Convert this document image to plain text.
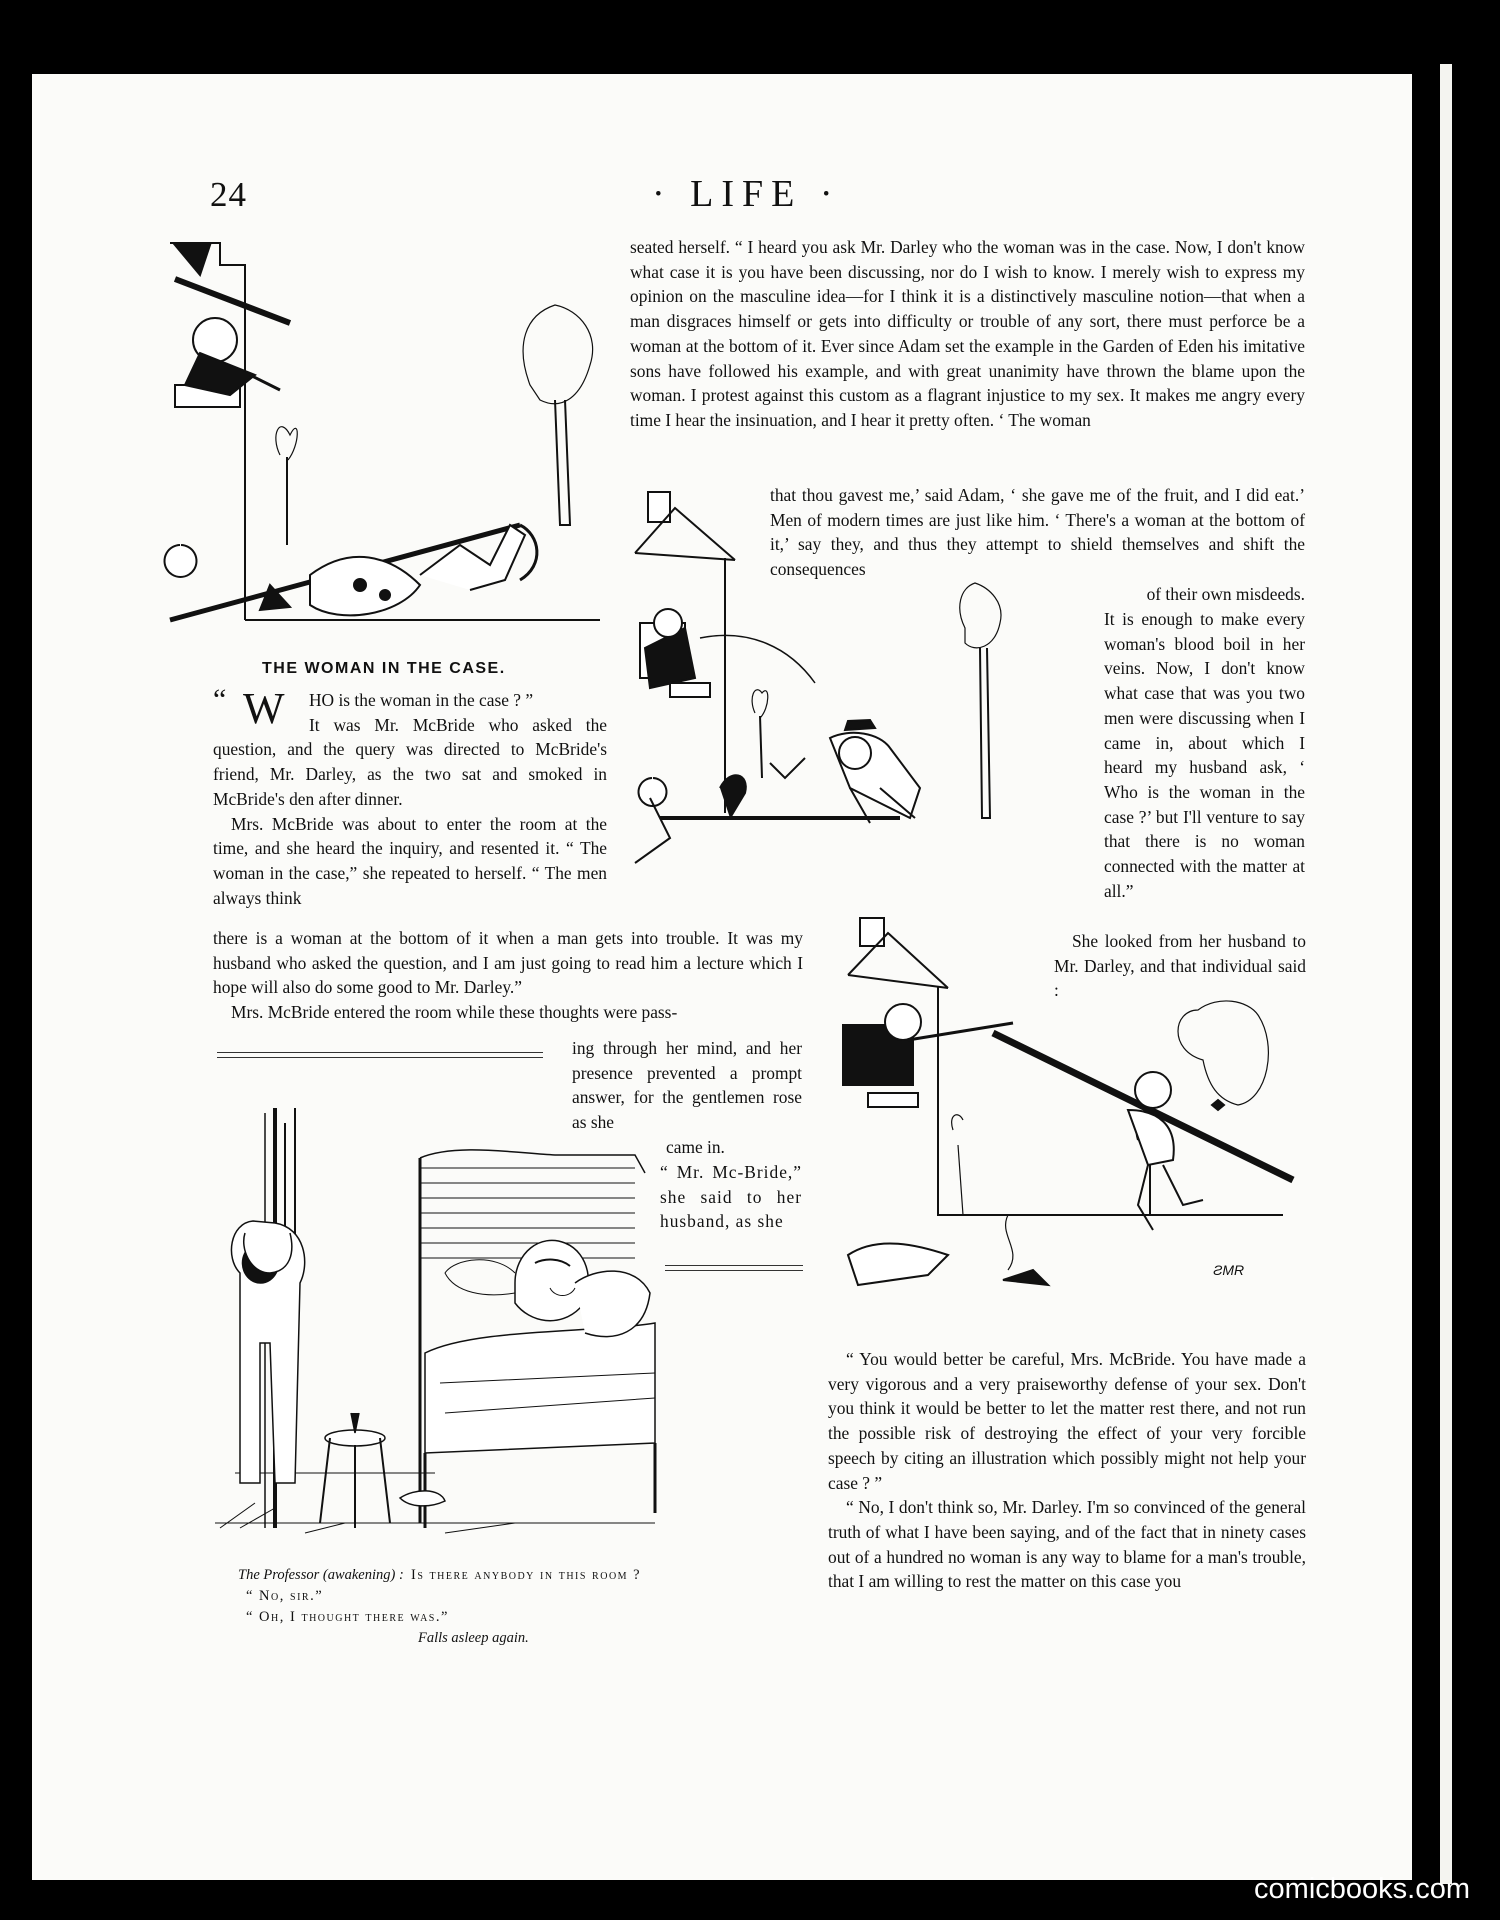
24	· LIFE ·

seated herself. “ I heard you ask Mr. Darley who the woman was in the case. Now, I don't know what case it is you have been discussing, nor do I wish to know. I merely wish to express my opinion on the masculine idea—for I think it is a distinctively masculine notion—that when a man disgraces himself or gets into difficulty or trouble of any sort, there must perforce be a woman at the bottom of it. Ever since Adam set the example in the Garden of Eden his imitative sons have followed his example, and with great unanimity have thrown the blame upon the woman. I protest against this custom as a flagrant injustice to my sex. It makes me angry every time I hear the insinuation, and I hear it pretty often. ‘ The woman

that thou gavest me,’ said Adam, ‘ she gave me of the fruit, and I did eat.’ Men of modern times are just like him. ‘ There's a woman at the bottom of it,’ say they, and thus they attempt to shield themselves and shift the consequences

of their own misdeeds.

It is enough to make every woman's blood boil in her veins. Now, I don't know what case that was you two men were discussing when I came in, about which I heard my husband ask, ‘ Who is the woman in the case ?’ but I'll venture to say that there is no woman connected with the matter at all.”

She looked from her husband to Mr. Darley, and that individual said :

THE WOMAN IN THE CASE.

“ W HO is the woman in the case ? ”

It was Mr. McBride who asked the question, and the query was directed to McBride's friend, Mr. Darley, as the two sat and smoked in McBride's den after dinner.

Mrs. McBride was about to enter the room at the time, and she heard the inquiry, and resented it. “ The woman in the case,” she repeated to herself. “ The men always think

there is a woman at the bottom of it when a man gets into trouble. It was my husband who asked the question, and I am just going to read him a lecture which I hope will also do some good to Mr. Darley.”

Mrs. McBride entered the room while these thoughts were pass-

ing through her mind, and her presence prevented a prompt answer, for the gentlemen rose as she

came in.

“ Mr. Mc-Bride,” she said to her husband, as she

“ You would better be careful, Mrs. McBride. You have made a very vigorous and a very praiseworthy defense of your sex. Don't you think it would be better to let the matter rest there, and not run the possible risk of destroying the effect of your very forcible speech by citing an illustration which possibly might not help your case ? ”

“ No, I don't think so, Mr. Darley. I'm so convinced of the general truth of what I have been saying, and of the fact that in ninety cases out of a hundred no woman is any way to blame for a man's trouble, that I am willing to rest the matter on this case you

The Professor (awakening) : Is there anybody in this room ?
“ No, sir.”
“ Oh, I thought there was.”
Falls asleep again.
ƧMR
comicbooks.com
